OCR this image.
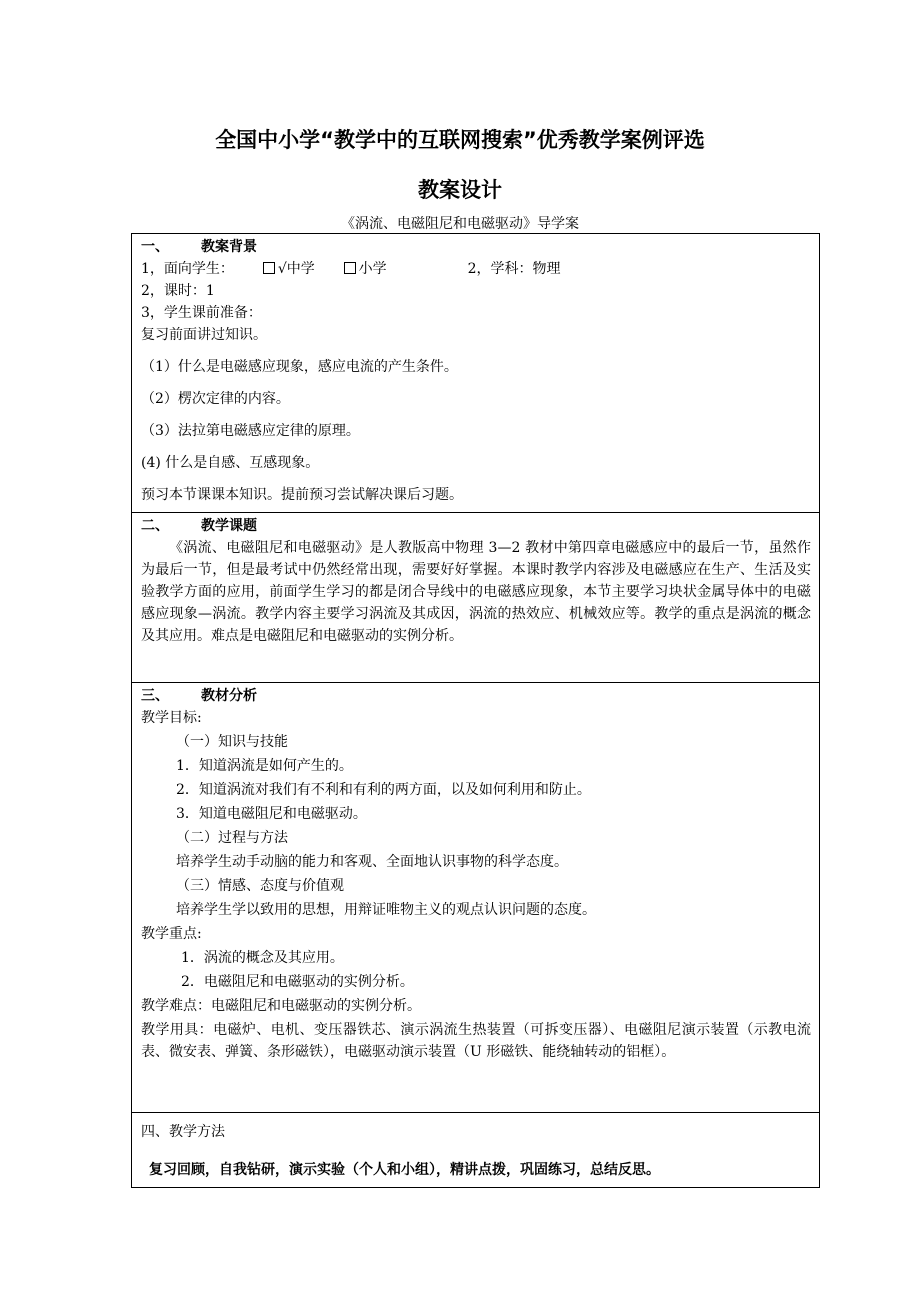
全国中小学“教学中的互联网搜索”优秀教学案例评选
教案设计
《涡流、电磁阻尼和电磁驱动》导学案
一、 教案背景
1，面向学生：	√中学	小学	2，学科：物理
2，课时：1
3，学生课前准备：
复习前面讲过知识。
（1）什么是电磁感应现象，感应电流的产生条件。
（2）楞次定律的内容。
（3）法拉第电磁感应定律的原理。
(4) 什么是自感、互感现象。
预习本节课课本知识。提前预习尝试解决课后习题。
二、 教学课题
《涡流、电磁阻尼和电磁驱动》是人教版高中物理 3—2 教材中第四章电磁感应中的最后一节，虽然作为最后一节，但是最考试中仍然经常出现，需要好好掌握。本课时教学内容涉及电磁感应在生产、生活及实验教学方面的应用，前面学生学习的都是闭合导线中的电磁感应现象，本节主要学习块状金属导体中的电磁感应现象—涡流。教学内容主要学习涡流及其成因，涡流的热效应、机械效应等。教学的重点是涡流的概念及其应用。难点是电磁阻尼和电磁驱动的实例分析。
三、 教材分析
教学目标:
（一）知识与技能
1．知道涡流是如何产生的。
2．知道涡流对我们有不利和有利的两方面，以及如何利用和防止。
3．知道电磁阻尼和电磁驱动。
（二）过程与方法
培养学生动手动脑的能力和客观、全面地认识事物的科学态度。
（三）情感、态度与价值观
培养学生学以致用的思想，用辩证唯物主义的观点认识问题的态度。
教学重点:
1．涡流的概念及其应用。
2．电磁阻尼和电磁驱动的实例分析。
教学难点：电磁阻尼和电磁驱动的实例分析。
教学用具：电磁炉、电机、变压器铁芯、演示涡流生热装置（可拆变压器）、电磁阻尼演示装置（示教电流表、微安表、弹簧、条形磁铁），电磁驱动演示装置（U 形磁铁、能绕轴转动的铝框）。
四、教学方法
复习回顾，自我钻研，演示实验（个人和小组），精讲点拨，巩固练习，总结反思。
